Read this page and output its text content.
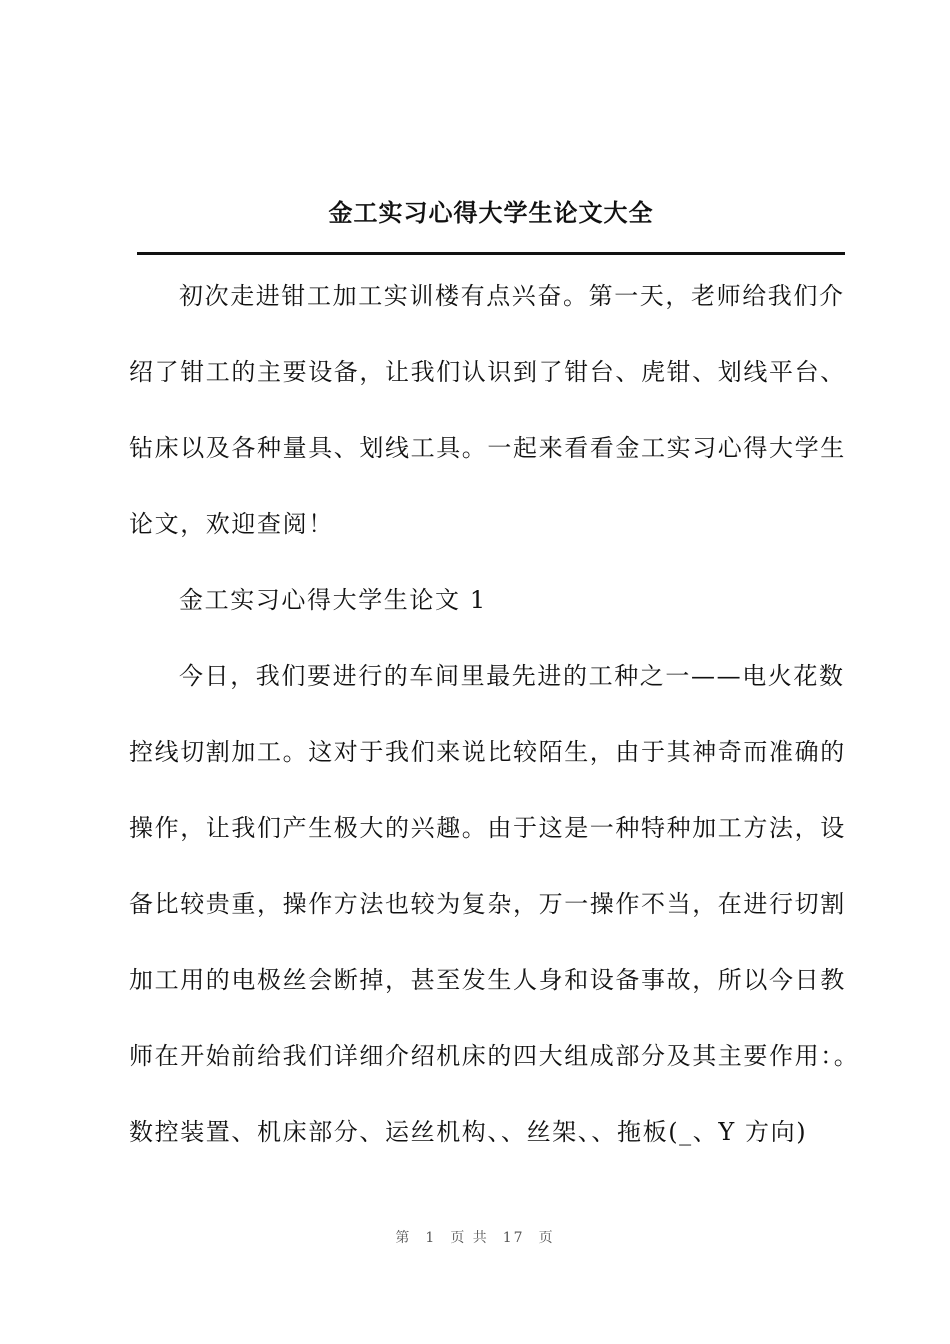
金工实习心得大学生论文大全
初次走进钳工加工实训楼有点兴奋。第一天，老师给我们介
绍了钳工的主要设备，让我们认识到了钳台、虎钳、划线平台、
钻床以及各种量具、划线工具。一起来看看金工实习心得大学生
论文，欢迎查阅！
金工实习心得大学生论文 1
今日，我们要进行的车间里最先进的工种之一——电火花数
控线切割加工。这对于我们来说比较陌生，由于其神奇而准确的
操作，让我们产生极大的兴趣。由于这是一种特种加工方法，设
备比较贵重，操作方法也较为复杂，万一操作不当，在进行切割
加工用的电极丝会断掉，甚至发生人身和设备事故，所以今日教
师在开始前给我们详细介绍机床的四大组成部分及其主要作用：。
数控装置、机床部分、运丝机构、、丝架、、拖板(_、Y 方向)
第 1 页 共 17 页
